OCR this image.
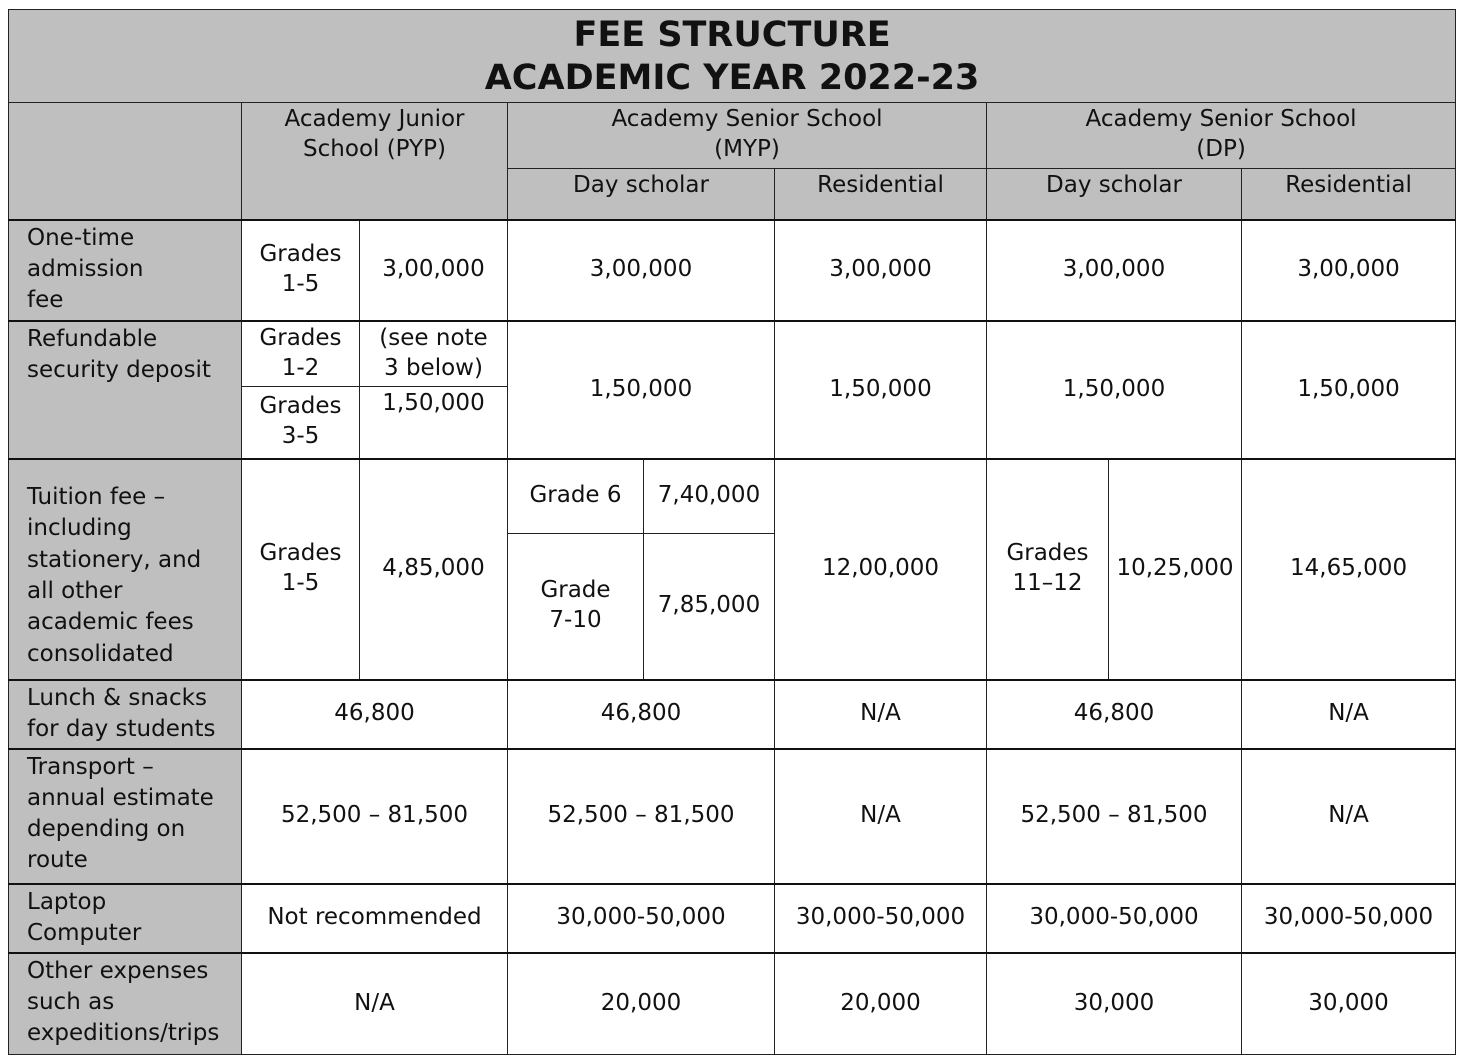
FEE STRUCTURE
ACADEMIC YEAR 2022-23								

	Academy Junior School (PYP)		Academy Senior School (MYP)			Academy Senior School (DP)		
			Day scholar		Residential	Day scholar		Residential
One-time admission fee	Grades 1-5	3,00,000	3,00,000		3,00,000	3,00,000		3,00,000
Refundable security deposit	Grades 1-2	(see note 3 below)	1,50,000		1,50,000	1,50,000		1,50,000
	Grades 3-5	1,50,000						
Tuition fee – including stationery, and all other academic fees consolidated	Grades 1-5	4,85,000	Grade 6	7,40,000	12,00,000	Grades 11–12	10,25,000	14,65,000
			Grade 7-10	7,85,000				
Lunch & snacks for day students	46,800		46,800		N/A	46,800		N/A
Transport – annual estimate depending on route	52,500 – 81,500		52,500 – 81,500		N/A	52,500 – 81,500		N/A
Laptop Computer	Not recommended		30,000-50,000		30,000-50,000	30,000-50,000		30,000-50,000
Other expenses such as expeditions/trips	N/A		20,000		20,000	30,000		30,000
